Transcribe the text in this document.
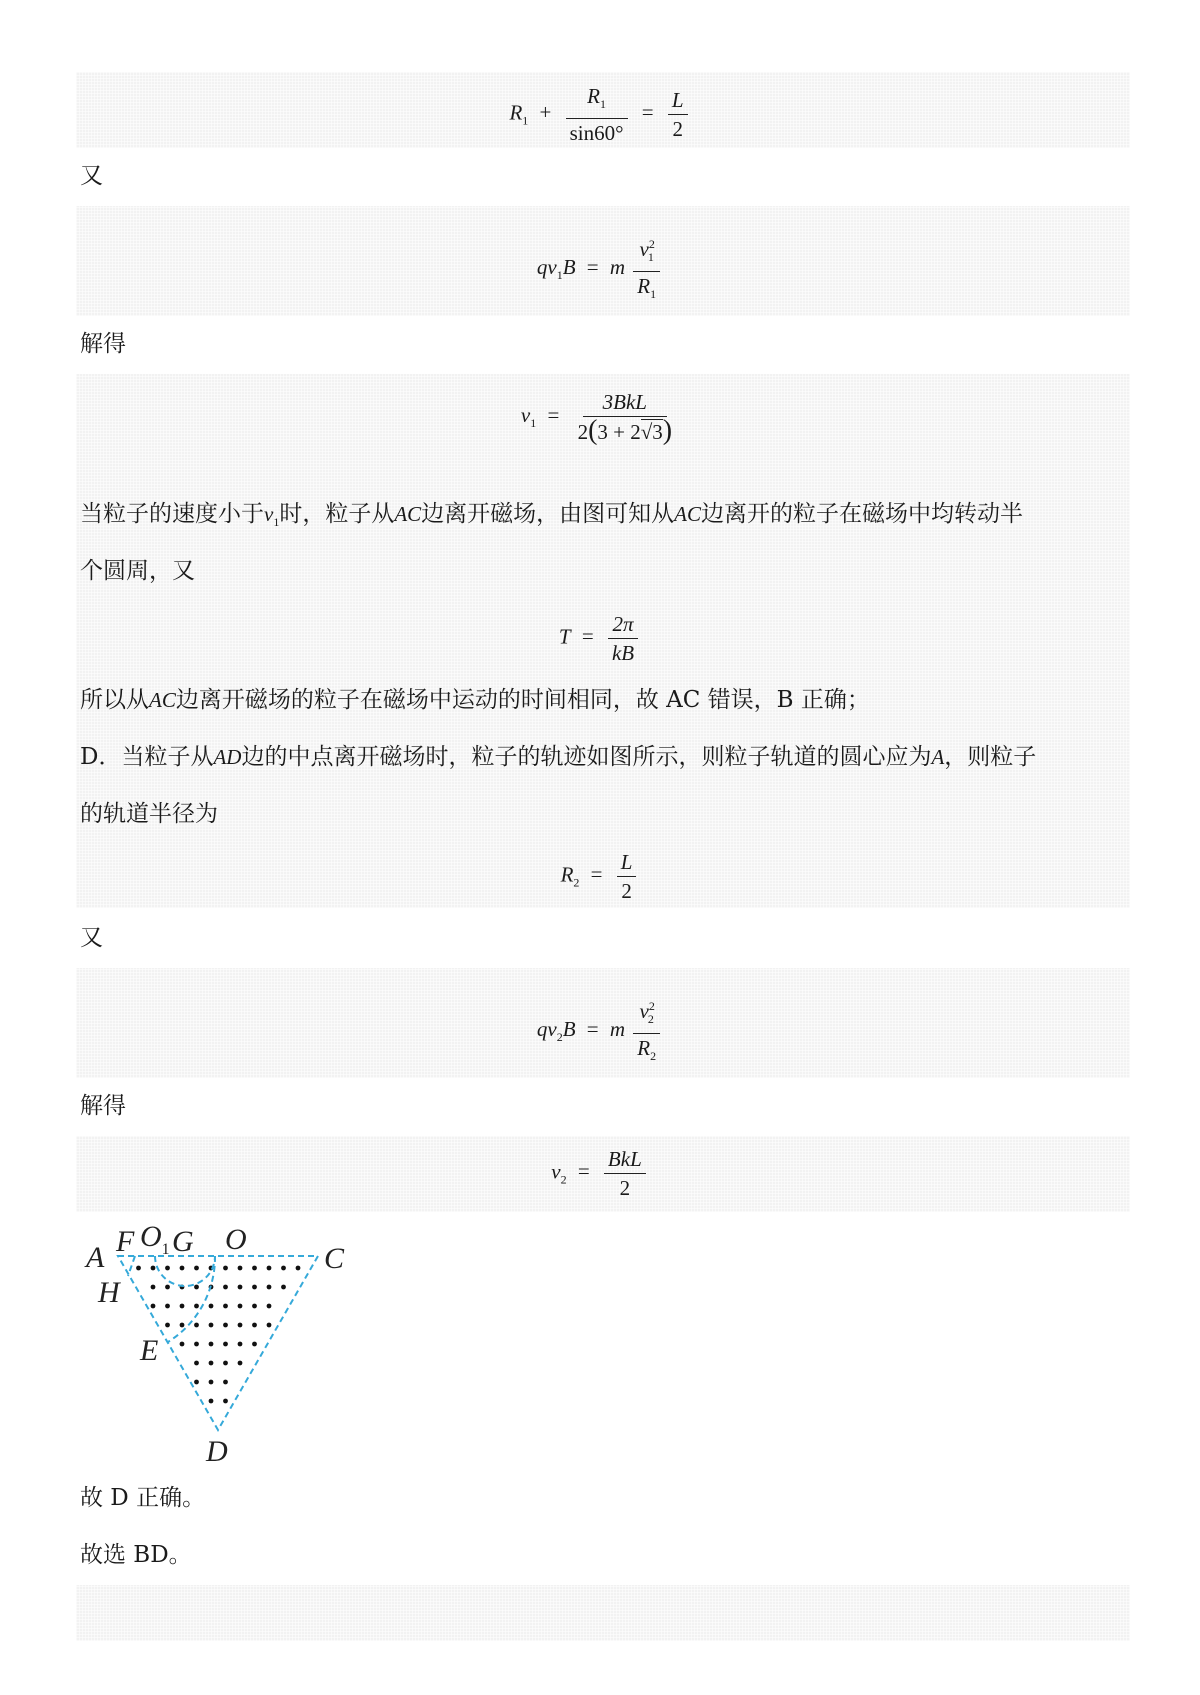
$R_1 + \frac{R_1}{\sin 60^\circ} = \frac{L}{2}$
又
$qv_1B = m \frac{v^2_1}{R_1}$
解得
$v_1 = \frac{\text{3BkL}}{2(3 + 2√3)}$
当粒子的速度小于$v_1$时，粒子从AC边离开磁场，由图可知从AC边离开的粒子在磁场中均转动半
个圆周，又
$T = \frac{2\pi}{kB}$
所以从AC边离开磁场的粒子在磁场中运动的时间相同，故 AC 错误，B 正确；
D．当粒子从AD边的中点离开磁场时，粒子的轨迹如图所示，则粒子轨道的圆心应为A，则粒子
的轨道半径为
$R_2 = \frac{L}{2}$
又
$qv_2B = m \frac{v^2_2}{R_2}$
解得
$v_2 = \frac{\text{BkL}}{2}$
A F $O_1$ G O
C
H
E
D
故 D 正确。
故选 BD。
